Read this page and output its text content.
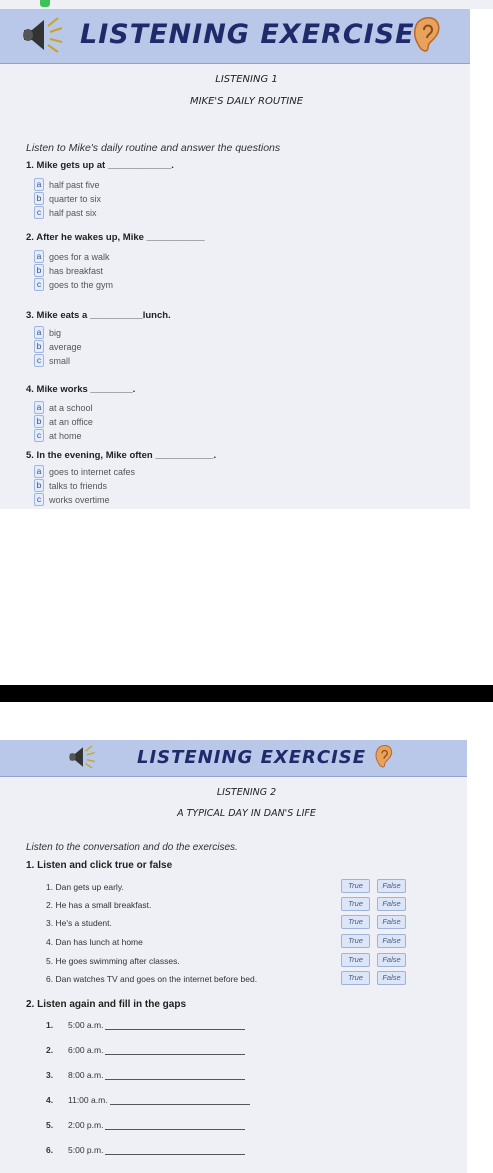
LISTENING EXERCISE
LISTENING 1
MIKE'S DAILY ROUTINE
Listen to Mike's daily routine and answer the questions
1. Mike gets up at ____________.
a half past five
b quarter to six
c half past six
2. After he wakes up, Mike ___________
a goes for a walk
b has breakfast
c goes to the gym
3. Mike eats a __________lunch.
a big
b average
c small
4. Mike works ________.
a at a school
b at an office
c at home
5. In the evening, Mike often ___________.
a goes to internet cafes
b talks to friends
c works overtime
LISTENING EXERCISE
LISTENING 2
A TYPICAL DAY IN DAN'S LIFE
Listen to the conversation and do the exercises.
1. Listen and click true or false
1. Dan gets up early.	True	False
2. He has a small breakfast.	True	False
3. He's a student.	True	False
4. Dan has lunch at home	True	False
5. He goes swimming after classes.	True	False
6. Dan watches TV and goes on the internet before bed.	True	False
2. Listen again and fill in the gaps
1.	5:00 a.m.
2.	6:00 a.m.
3.	8:00 a.m.
4.	11:00 a.m.
5.	2:00 p.m.
6.	5:00 p.m.
